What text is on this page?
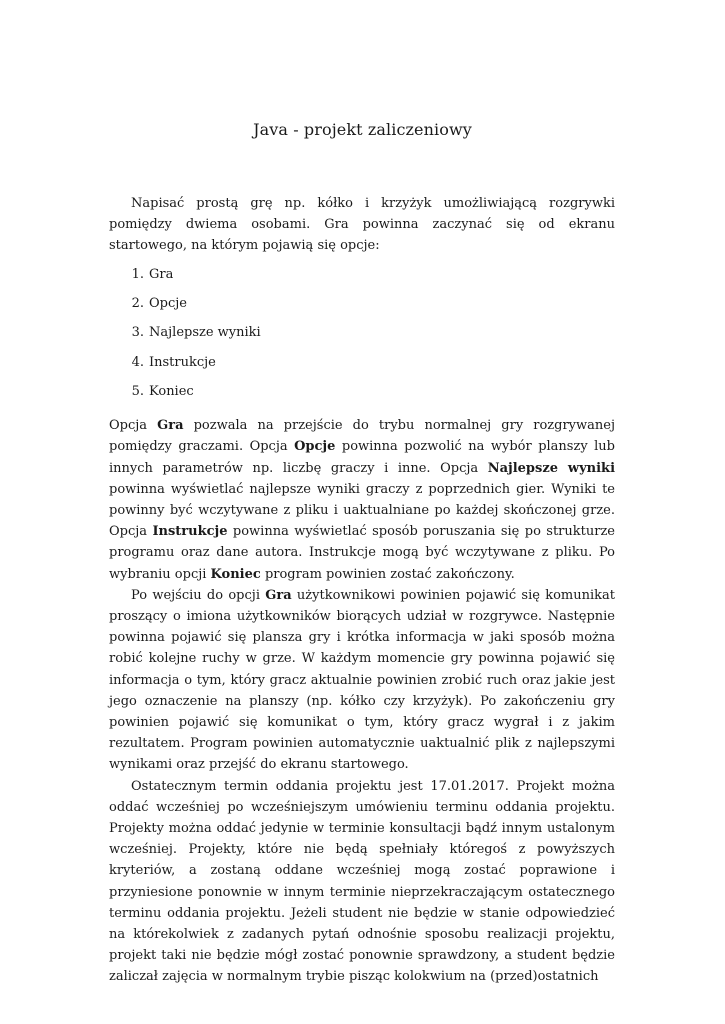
Java - projekt zaliczeniowy

Napisać prostą grę np. kółko i krzyżyk umożliwiającą rozgrywki pomiędzy dwiema osobami. Gra powinna zaczynać się od ekranu startowego, na którym pojawią się opcje:

1. Gra
2. Opcje
3. Najlepsze wyniki
4. Instrukcje
5. Koniec

Opcja Gra pozwala na przejście do trybu normalnej gry rozgrywanej pomiędzy graczami. Opcja Opcje powinna pozwolić na wybór planszy lub innych parametrów np. liczbę graczy i inne. Opcja Najlepsze wyniki powinna wyświetlać najlepsze wyniki graczy z poprzednich gier. Wyniki te powinny być wczytywane z pliku i uaktualniane po każdej skończonej grze. Opcja Instrukcje powinna wyświetlać sposób poruszania się po strukturze programu oraz dane autora. Instrukcje mogą być wczytywane z pliku. Po wybraniu opcji Koniec program powinien zostać zakończony.

Po wejściu do opcji Gra użytkownikowi powinien pojawić się komunikat proszący o imiona użytkowników biorących udział w rozgrywce. Następnie powinna pojawić się plansza gry i krótka informacja w jaki sposób można robić kolejne ruchy w grze. W każdym momencie gry powinna pojawić się informacja o tym, który gracz aktualnie powinien zrobić ruch oraz jakie jest jego oznaczenie na planszy (np. kółko czy krzyżyk). Po zakończeniu gry powinien pojawić się komunikat o tym, który gracz wygrał i z jakim rezultatem. Program powinien automatycznie uaktualnić plik z najlepszymi wynikami oraz przejść do ekranu startowego.

Ostatecznym termin oddania projektu jest 17.01.2017. Projekt można oddać wcześniej po wcześniejszym umówieniu terminu oddania projektu. Projekty można oddać jedynie w terminie konsultacji bądź innym ustalonym wcześniej. Projekty, które nie będą spełniały któregoś z powyższych kryteriów, a zostaną oddane wcześniej mogą zostać poprawione i przyniesione ponownie w innym terminie nieprzekraczającym ostatecznego terminu oddania projektu. Jeżeli student nie będzie w stanie odpowiedzieć na którekolwiek z zadanych pytań odnośnie sposobu realizacji projektu, projekt taki nie będzie mógł zostać ponownie sprawdzony, a student będzie zaliczał zajęcia w normalnym trybie pisząc kolokwium na (przed)ostatnich
